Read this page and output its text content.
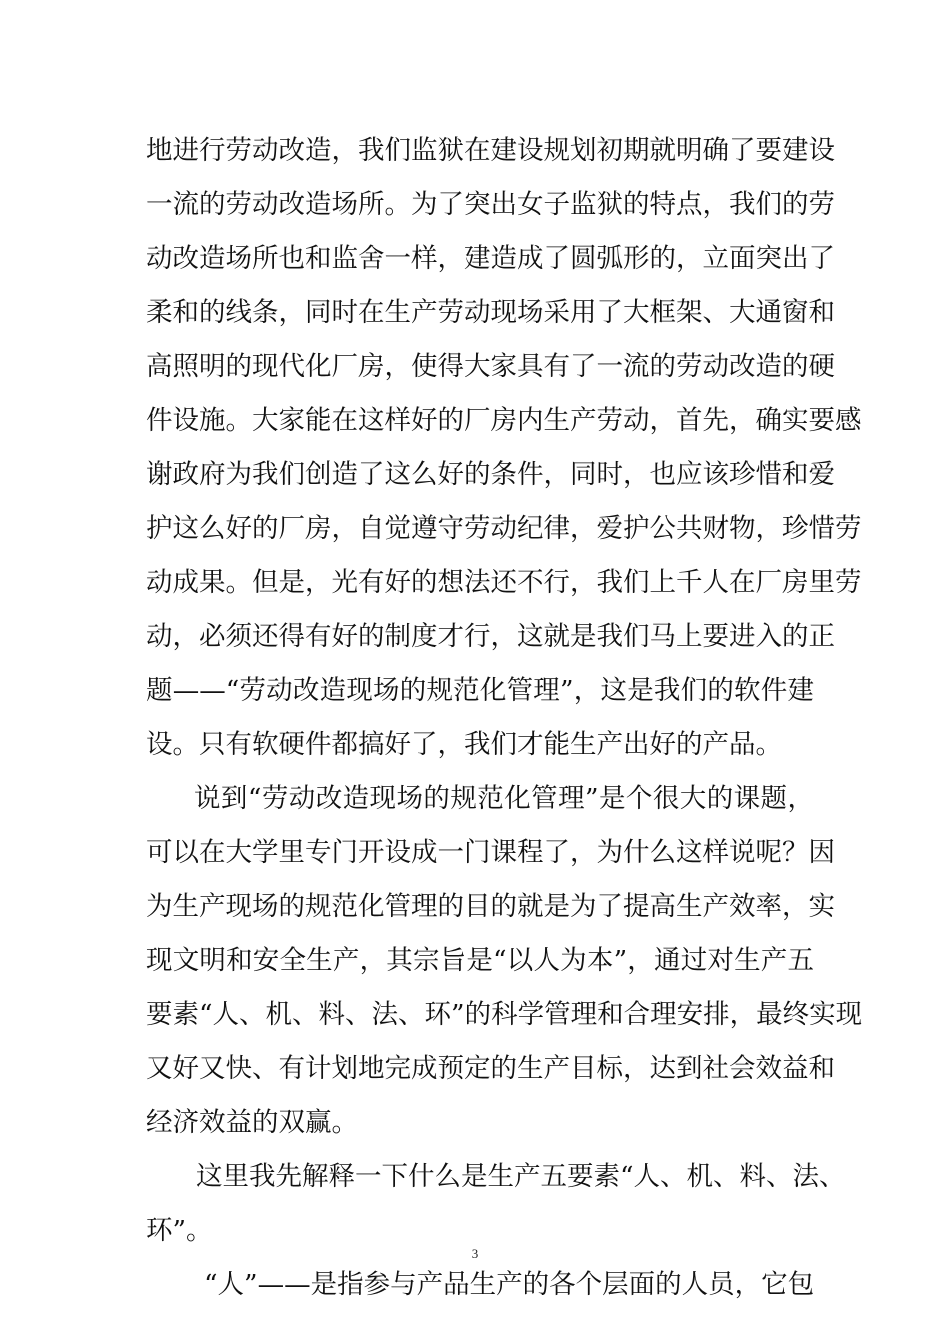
地进行劳动改造，我们监狱在建设规划初期就明确了要建设
一流的劳动改造场所。为了突出女子监狱的特点，我们的劳
动改造场所也和监舍一样，建造成了圆弧形的，立面突出了
柔和的线条，同时在生产劳动现场采用了大框架、大通窗和
高照明的现代化厂房，使得大家具有了一流的劳动改造的硬
件设施。大家能在这样好的厂房内生产劳动，首先，确实要感
谢政府为我们创造了这么好的条件，同时，也应该珍惜和爱
护这么好的厂房，自觉遵守劳动纪律，爱护公共财物，珍惜劳
动成果。但是，光有好的想法还不行，我们上千人在厂房里劳
动，必须还得有好的制度才行，这就是我们马上要进入的正
题——“劳动改造现场的规范化管理”，这是我们的软件建
设。只有软硬件都搞好了，我们才能生产出好的产品。
说到“劳动改造现场的规范化管理”是个很大的课题，
可以在大学里专门开设成一门课程了，为什么这样说呢？因
为生产现场的规范化管理的目的就是为了提高生产效率，实
现文明和安全生产，其宗旨是“以人为本”，通过对生产五
要素“人、机、料、法、环”的科学管理和合理安排，最终实现
又好又快、有计划地完成预定的生产目标，达到社会效益和
经济效益的双赢。
这里我先解释一下什么是生产五要素“人、机、料、法、
环”。
“人”——是指参与产品生产的各个层面的人员，它包
3
